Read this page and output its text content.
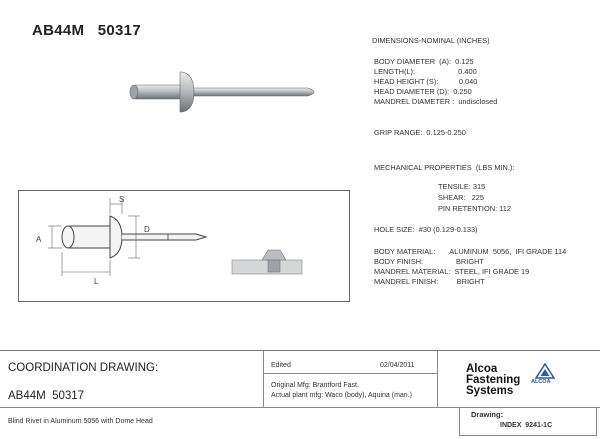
AB44M   50317
S
D
A
L
DIMENSIONS-NOMINAL (INCHES)
BODY DIAMETER  (A):  0.125
LENGTH(L):                     0.400
HEAD HEIGHT (S):          0.040
HEAD DIAMETER (D):  0.250
MANDREL DIAMETER :  undisclosed
GRIP RANGE:  0.125-0.250
MECHANICAL PROPERTIES  (LBS MIN.):
TENSILE: 315
SHEAR:   225
PIN RETENTION: 112
HOLE SIZE:  #30 (0.129-0.133)
BODY MATERIAL:       ALUMINUM  5056,  IFI GRADE 114
BODY FINISH:                BRIGHT
MANDREL MATERIAL:  STEEL, IFI GRADE 19
MANDREL FINISH:         BRIGHT
COORDINATION DRAWING:
AB44M  50317
Blind Rivet in Aluminum 5056 with Dome Head
Edited	02/04/2011
Original Mfg: Brantford Fast.
Actual plant mfg: Waco (body), Aquina (man.)
Alcoa
Fastening
Systems
ALCOA
Drawing:
INDEX  9241-1C
